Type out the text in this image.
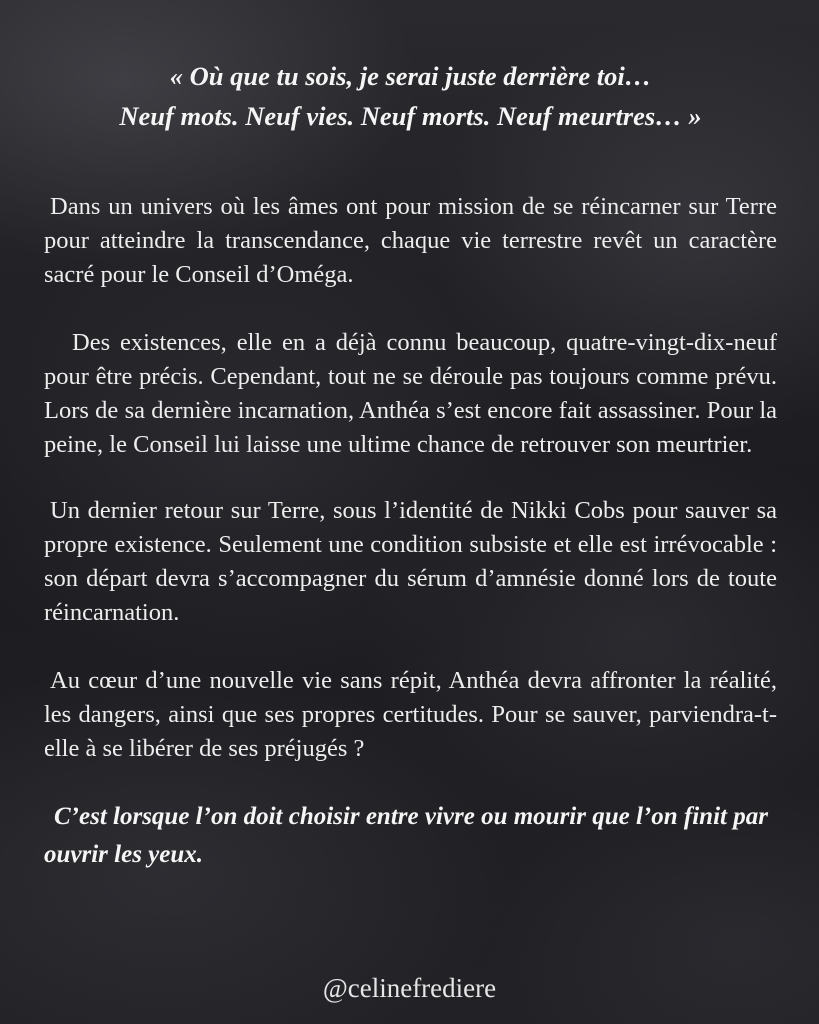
« Où que tu sois, je serai juste derrière toi…
Neuf mots. Neuf vies. Neuf morts. Neuf meurtres… »

Dans un univers où les âmes ont pour mission de se réincarner sur Terre pour atteindre la transcendance, chaque vie terrestre revêt un caractère sacré pour le Conseil d’Oméga.

Des existences, elle en a déjà connu beaucoup, quatre-vingt-dix-neuf pour être précis. Cependant, tout ne se déroule pas toujours comme prévu. Lors de sa dernière incarnation, Anthéa s’est encore fait assassiner. Pour la peine, le Conseil lui laisse une ultime chance de retrouver son meurtrier.

Un dernier retour sur Terre, sous l’identité de Nikki Cobs pour sauver sa propre existence. Seulement une condition subsiste et elle est irrévocable : son départ devra s’accompagner du sérum d’amnésie donné lors de toute réincarnation.

Au cœur d’une nouvelle vie sans répit, Anthéa devra affronter la réalité, les dangers, ainsi que ses propres certitudes. Pour se sauver, parviendra-t-elle à se libérer de ses préjugés ?

C’est lorsque l’on doit choisir entre vivre ou mourir que l’on finit par ouvrir les yeux.

@celinefrediere
